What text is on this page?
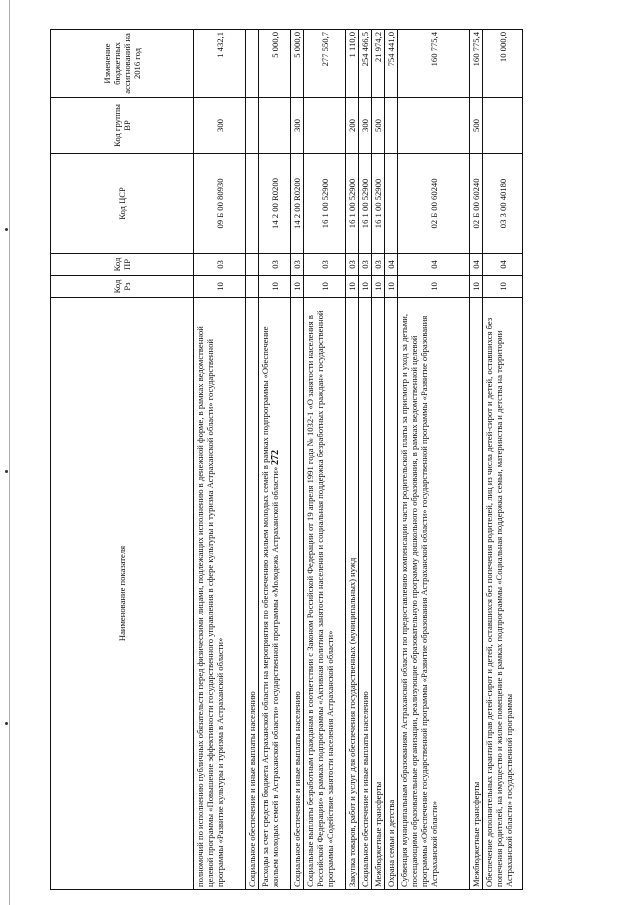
272
Наименование показателя	Код Рз	Код ПР	Код ЦСР	Код группы ВР	Изменение бюджетных ассигнований на 2016 год
полномочий по исполнению публичных обязательств перед физическими лицами, подлежащих исполнению в денежной форме, в рамках ведомственной целевой программы «Повышение эффективности государственного управления в сфере культуры и туризма Астраханской области» государственной программы «Развитие культуры и туризма в Астраханской области»	10	03	09 Б 00 80930	300	1 432,1
Социальное обеспечение и иные выплаты населению					
Расходы за счет средств бюджета Астраханской области на мероприятия по обеспечению жильем молодых семей в рамках подпрограммы «Обеспечение жильем молодых семей в Астраханской области» государственной программы «Молодежь Астраханской области»	10	03	14 2 00 R0200		5 000,0
Социальное обеспечение и иные выплаты населению	10	03	14 2 00 R0200	300	5 000,0
Социальные выплаты безработным гражданам в соответствии с Законом Российской Федерации от 19 апреля 1991 года № 1032-1 «О занятости населения в Российской Федерации» в рамках подпрограммы «Активная политика занятости населения и социальная поддержка безработных граждан» государственной программы «Содействие занятости населения Астраханской области»	10	03	16 1 00 52900		277 550,7
Закупка товаров, работ и услуг для обеспечения государственных (муниципальных) нужд	10	03	16 1 00 52900	200	1 110,0
Социальное обеспечение и иные выплаты населению	10	03	16 1 00 52900	300	254 466,5
Межбюджетные трансферты	10	03	16 1 00 52900	500	21 974,2
Охрана семьи и детства	10	04			754 441,0
Субвенция муниципальным образованиям Астраханской области по предоставлению компенсации части родительской платы за присмотр и уход за детьми, посещающими образовательные организации, реализующие образовательную программу дошкольного образования, в рамках ведомственной целевой программы «Обеспечение государственной программы «Развитие образования Астраханской области» государственной программы «Развитие образования Астраханской области»	10	04	02 Б 00 60240		160 775,4
Межбюджетные трансферты	10	04	02 Б 00 60240	500	160 775,4
Обеспечение дополнительных гарантий прав детей-сирот и детей, оставшихся без попечения родителей, лиц из числа детей-сирот и детей, оставшихся без попечения родителей, на имущество и жилое помещение в рамках подпрограммы «Социальная поддержка семьи, материнства и детства на территории Астраханской области» государственной программы	10	04	03 3 00 40180		10 000,0
